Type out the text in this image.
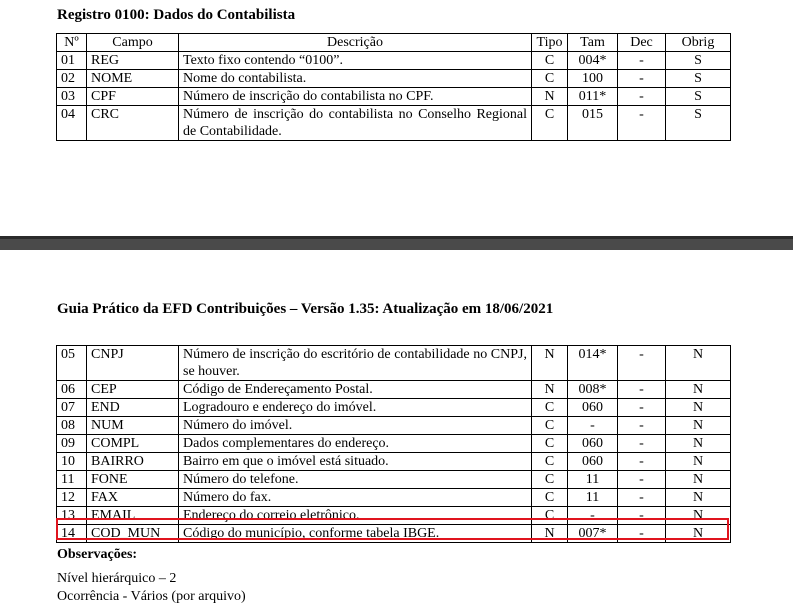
Registro 0100: Dados do Contabilista
Nº	Campo	Descrição	Tipo	Tam	Dec	Obrig
01	REG	Texto fixo contendo “0100”.	C	004*	-	S
02	NOME	Nome do contabilista.	C	100	-	S
03	CPF	Número de inscrição do contabilista no CPF.	N	011*	-	S
04	CRC	Número de inscrição do contabilista no Conselho Regional de Contabilidade.	C	015	-	S
Guia Prático da EFD Contribuições – Versão 1.35: Atualização em 18/06/2021
05	CNPJ	Número de inscrição do escritório de contabilidade no CNPJ, se houver.	N	014*	-	N
06	CEP	Código de Endereçamento Postal.	N	008*	-	N
07	END	Logradouro e endereço do imóvel.	C	060	-	N
08	NUM	Número do imóvel.	C	-	-	N
09	COMPL	Dados complementares do endereço.	C	060	-	N
10	BAIRRO	Bairro em que o imóvel está situado.	C	060	-	N
11	FONE	Número do telefone.	C	11	-	N
12	FAX	Número do fax.	C	11	-	N
13	EMAIL	Endereço do correio eletrônico.	C	-	-	N
14	COD_MUN	Código do município, conforme tabela IBGE.	N	007*	-	N
Observações:
Nível hierárquico – 2
Ocorrência - Vários (por arquivo)
